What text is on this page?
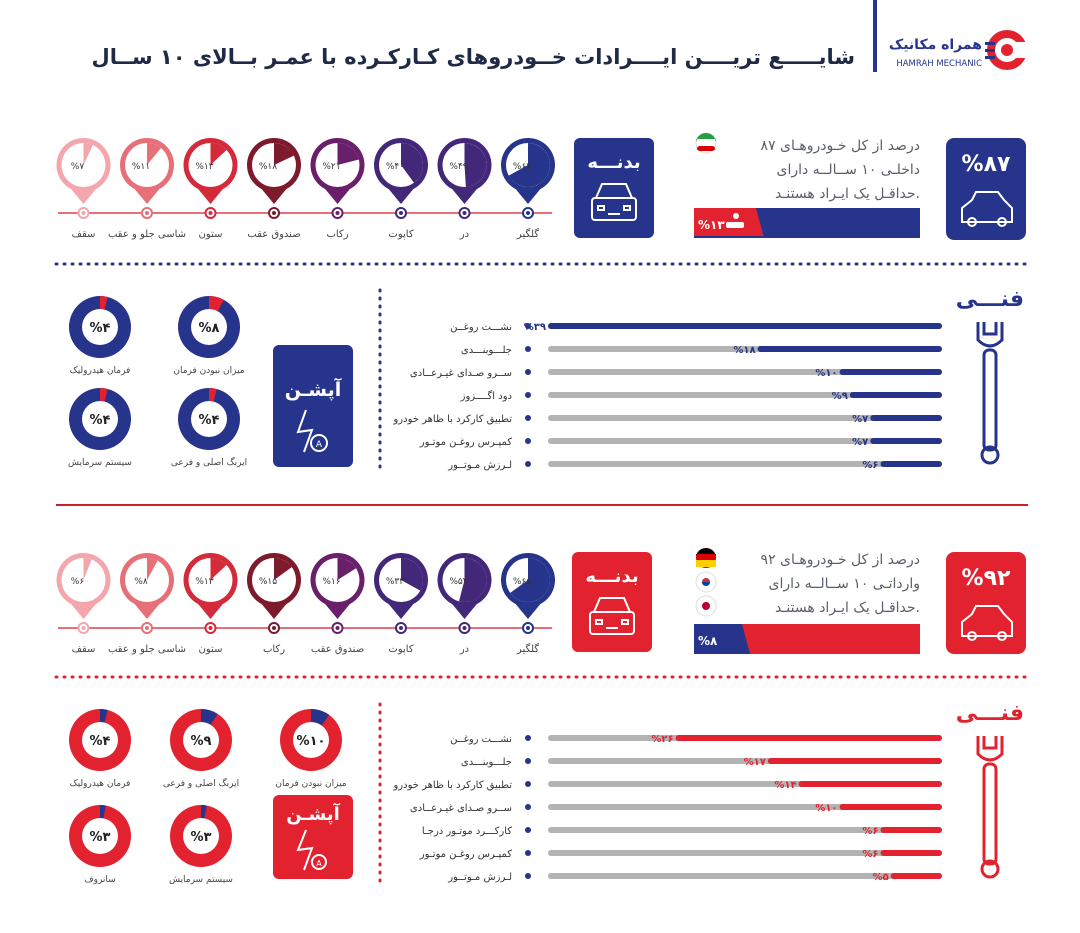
شایـــــع‌ تریــــن ایــــرادات خــودروهای کـارکـرده با عمـر بــالای ۱۰ ســال همراه مکانیک
HAMRAH MECHANIC
%۸۷
۸۷ درصد از کل خـودروهـای
داخلـی ۱۰ ســالــه دارای
حداقـل یک ایـراد هستنـد.
%۱۳
بدنـــه
%۶۷
گلگیر
%۴۹
در
%۴۰
کاپوت
%۲۱
رکاب
%۱۸
صندوق عقب
%۱۳
ستون
%۱۱
شاسی جلو و عقب
%۷
سقف
فنـــی
نشـــت روغــن %۳۹
جلـــوبنـــدی	%۱۸
ســرو صـدای غیـرعــادی	%۱۰
دود اگــــزوز	%۹
تطبیق کارکرد با ظاهر خودرو	%۷
کمپـرس روغـن موتـور	%۷
لـرزش مـوتــور	%۶
آپشـن
A
%۸
میزان نبودن فرمان
%۴
فرمان هیدرولیک
%۴
ایربگ اصلی و فرعی
%۴
سیستم سرمایش
%۹۲
۹۲ درصد از کل خـودروهـای
وارداتـی ۱۰ ســالــه دارای
حداقـل یک ایـراد هستنـد.
%۸
بدنـــه
%۶۵
گلگیر
%۵۴
در
%۳۳
کاپوت
%۱۶
صندوق عقب
%۱۵
رکاب
%۱۳
ستون
%۸
شاسی جلو و عقب
%۶
سقف
فنـــی
نشـــت روغــن	%۲۶
جلـــوبنـــدی	%۱۷
تطبیق کارکرد با ظاهر خودرو	%۱۴
ســرو صـدای غیـرعــادی	%۱۰
کارکـــرد موتـور درجـا	%۶
کمپـرس روغـن موتـور	%۶
لـرزش مـوتــور	%۵
آپشـن
A
%۱۰
میزان نبودن فرمان
%۹
ایربگ اصلی و فرعی
%۴
فرمان هیدرولیک
%۳
سیستم سرمایش
%۳
سانروف
